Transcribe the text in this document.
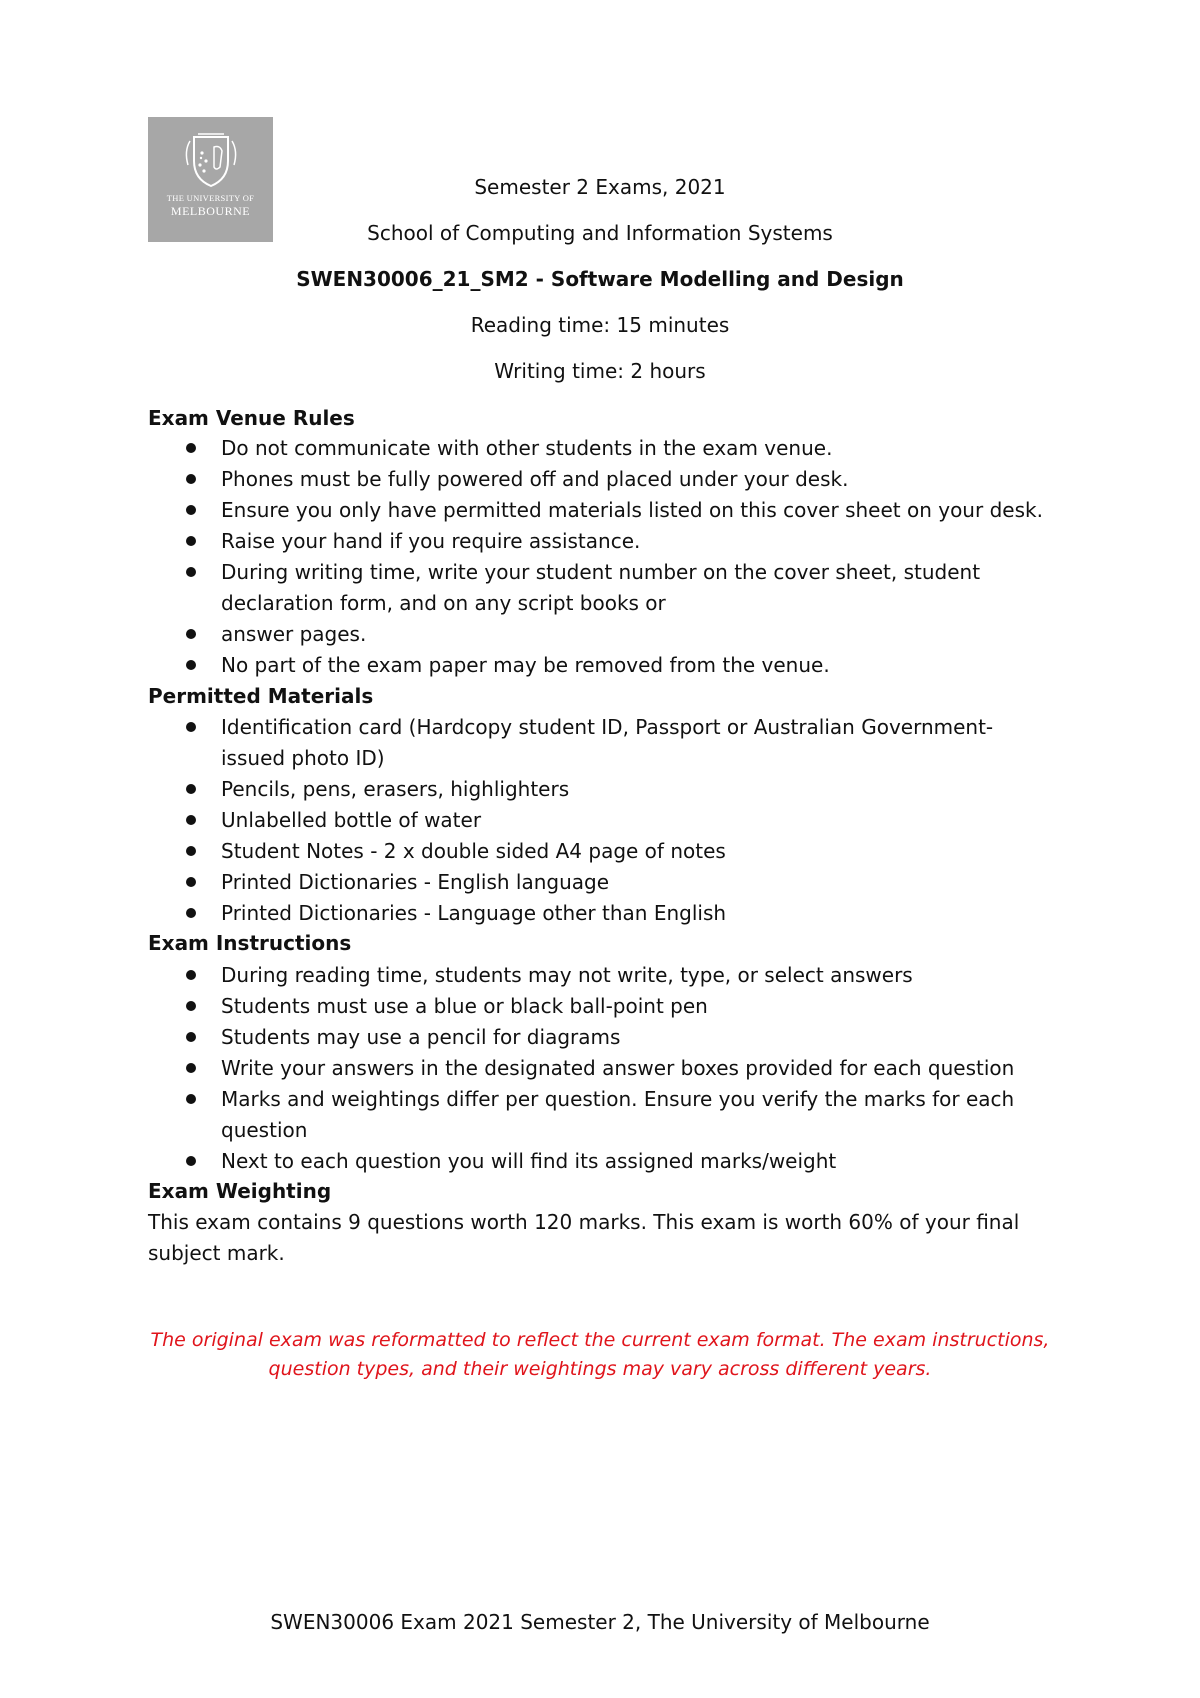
THE UNIVERSITY OF
MELBOURNE
Semester 2 Exams, 2021
School of Computing and Information Systems
SWEN30006_21_SM2 - Software Modelling and Design
Reading time: 15 minutes
Writing time: 2 hours
Exam Venue Rules
Do not communicate with other students in the exam venue.
Phones must be fully powered off and placed under your desk.
Ensure you only have permitted materials listed on this cover sheet on your desk.
Raise your hand if you require assistance.
During writing time, write your student number on the cover sheet, student
declaration form, and on any script books or
answer pages.
No part of the exam paper may be removed from the venue.
Permitted Materials
Identification card (Hardcopy student ID, Passport or Australian Government-
issued photo ID)
Pencils, pens, erasers, highlighters
Unlabelled bottle of water
Student Notes - 2 x double sided A4 page of notes
Printed Dictionaries - English language
Printed Dictionaries - Language other than English
Exam Instructions
During reading time, students may not write, type, or select answers
Students must use a blue or black ball-point pen
Students may use a pencil for diagrams
Write your answers in the designated answer boxes provided for each question
Marks and weightings differ per question. Ensure you verify the marks for each
question
Next to each question you will find its assigned marks/weight
Exam Weighting
This exam contains 9 questions worth 120 marks. This exam is worth 60% of your final
subject mark.
The original exam was reformatted to reflect the current exam format. The exam instructions,
question types, and their weightings may vary across different years.
SWEN30006 Exam 2021 Semester 2, The University of Melbourne
